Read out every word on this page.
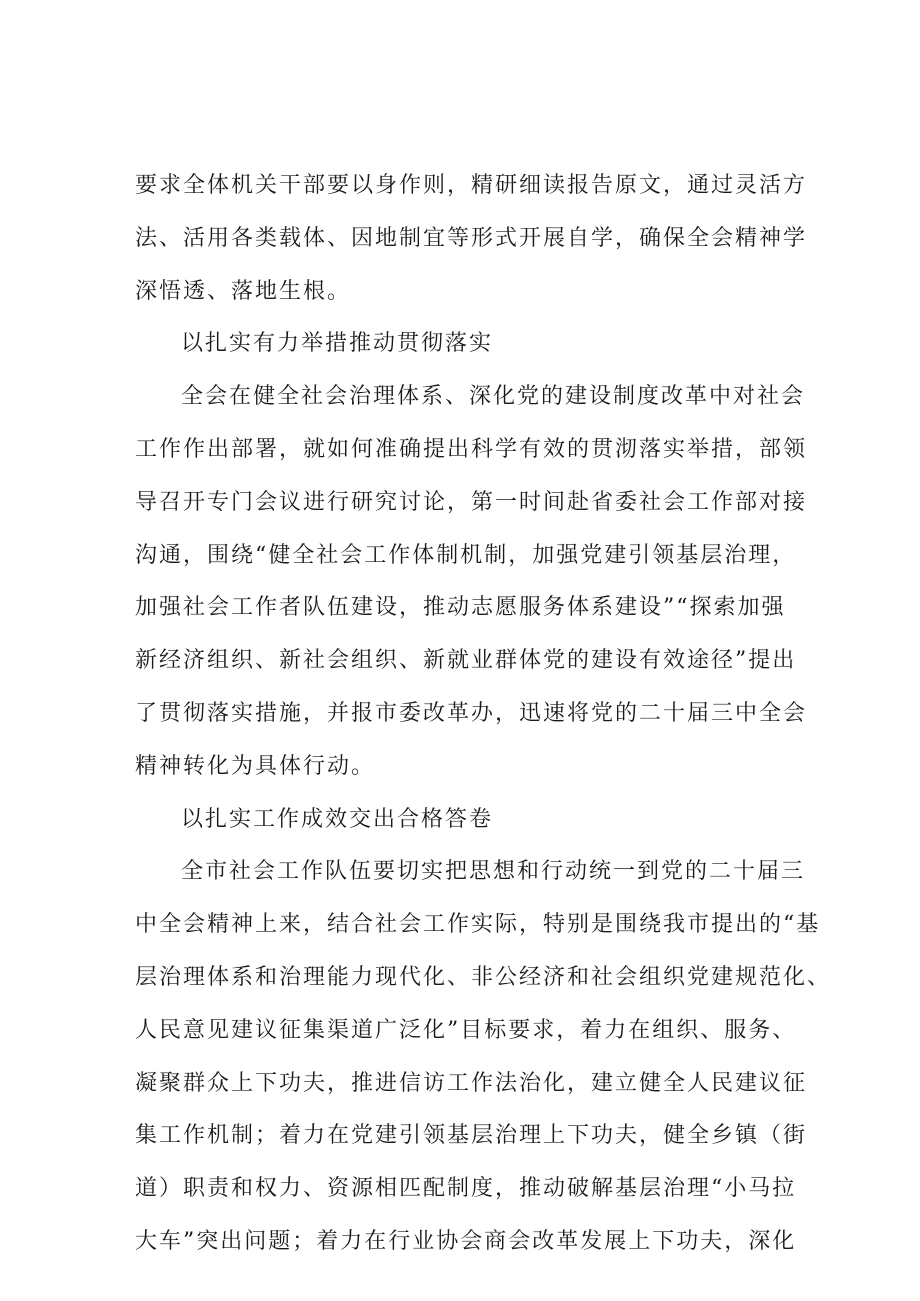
要求全体机关干部要以身作则，精研细读报告原文，通过灵活方
法、活用各类载体、因地制宜等形式开展自学，确保全会精神学
深悟透、落地生根。
以扎实有力举措推动贯彻落实
全会在健全社会治理体系、深化党的建设制度改革中对社会
工作作出部署，就如何准确提出科学有效的贯沏落实举措，部领
导召开专门会议进行研究讨论，第一时间赴省委社会工作部对接
沟通，围绕“健全社会工作体制机制，加强党建引领基层治理，
加强社会工作者队伍建设，推动志愿服务体系建设”“探索加强
新经济组织、新社会组织、新就业群体党的建设有效途径”提出
了贯彻落实措施，并报市委改革办，迅速将党的二十届三中全会
精神转化为具体行动。
以扎实工作成效交出合格答卷
全市社会工作队伍要切实把思想和行动统一到党的二十届三
中全会精神上来，结合社会工作实际，特别是围绕我市提出的“基
层治理体系和治理能力现代化、非公经济和社会组织党建规范化、
人民意见建议征集渠道广泛化”目标要求，着力在组织、服务、
凝聚群众上下功夫，推进信访工作法治化，建立健全人民建议征
集工作机制；着力在党建引领基层治理上下功夫，健全乡镇（街
道）职责和权力、资源相匹配制度，推动破解基层治理“小马拉
大车”突出问题；着力在行业协会商会改革发展上下功夫，深化
